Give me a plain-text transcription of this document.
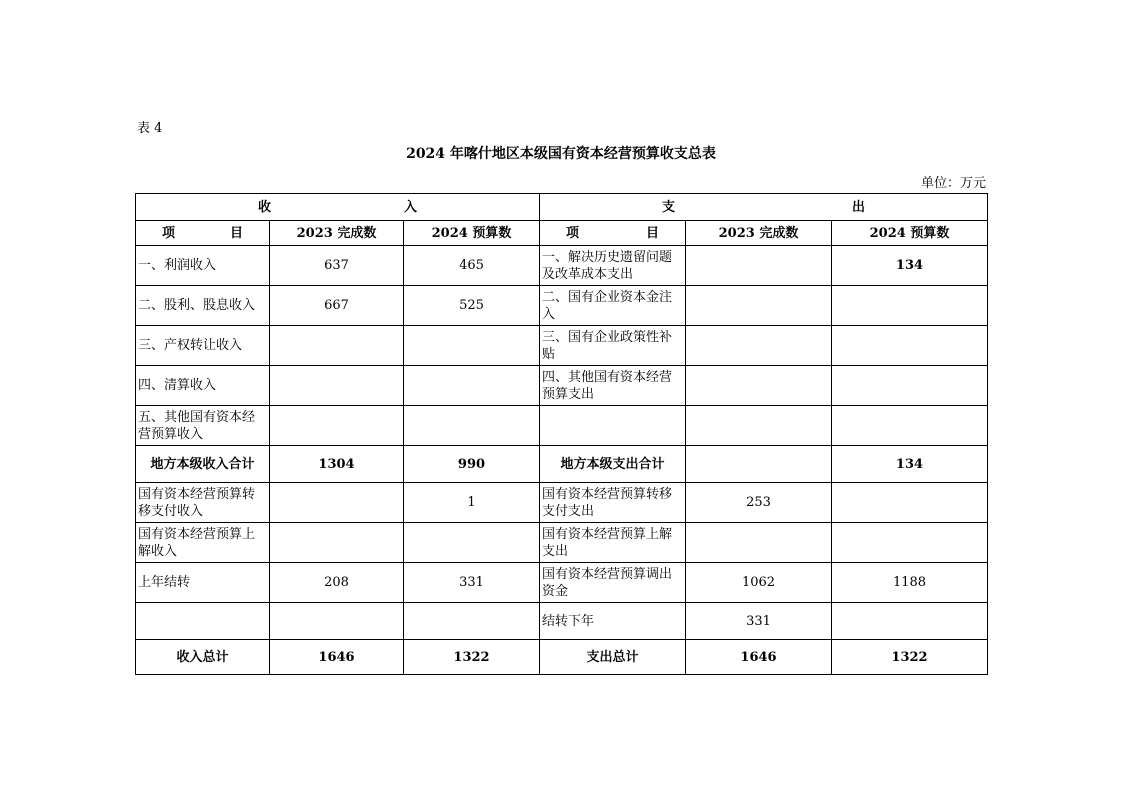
表 4
2024 年喀什地区本级国有资本经营预算收支总表
单位：万元
收 入			支 出		

项 目	2023 完成数	2024 预算数	项 目	2023 完成数	2024 预算数
一、利润收入	637	465	一、解决历史遗留问题及改革成本支出		134
二、股利、股息收入	667	525	二、国有企业资本金注入		
三、产权转让收入			三、国有企业政策性补贴		
四、清算收入			四、其他国有资本经营预算支出		
五、其他国有资本经营预算收入					
地方本级收入合计	1304	990	地方本级支出合计		134
国有资本经营预算转移支付收入		1	国有资本经营预算转移支付支出	253	
国有资本经营预算上解收入			国有资本经营预算上解支出		
上年结转	208	331	国有资本经营预算调出资金	1062	1188
			结转下年	331	
收入总计	1646	1322	支出总计	1646	1322
